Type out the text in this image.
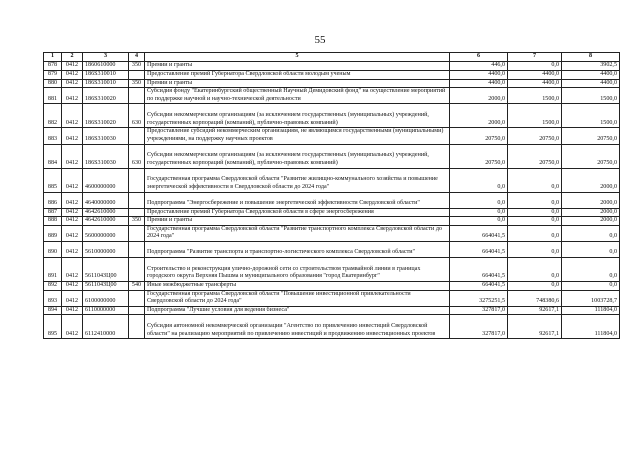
55
1	2	3	4	5	6	7	8
878	0412	1860610000	350	Премии и гранты	446,0	0,0	3902,5
879	0412	186S310010		Предоставление премий Губернатора Свердловской области молодым ученым	4400,0	4400,0	4400,0
880	0412	186S310010	350	Премии и гранты	4400,0	4400,0	4400,0
881	0412	186S310020		Субсидия фонду "Екатеринбургский общественный Научный Демидовский фонд" на осуществление мероприятий по поддержке научной и научно-технической деятельности	2000,0	1500,0	1500,0
882	0412	186S310020	630	Субсидии некоммерческим организациям (за исключением государственных (муниципальных) учреждений, государственных корпораций (компаний), публично-правовых компаний)	2000,0	1500,0	1500,0
883	0412	186S310030		Предоставление субсидий некоммерческим организациям, не являющимся государственными (муниципальными) учреждениями, на поддержку научных проектов	20750,0	20750,0	20750,0
884	0412	186S310030	630	Субсидии некоммерческим организациям (за исключением государственных (муниципальных) учреждений, государственных корпораций (компаний), публично-правовых компаний)	20750,0	20750,0	20750,0
885	0412	4600000000		Государственная программа Свердловской области "Развитие жилищно-коммунального хозяйства и повышение энергетической эффективности в Свердловской области до 2024 года"	0,0	0,0	2000,0
886	0412	4640000000		Подпрограмма "Энергосбережение и повышение энергетической эффективности Свердловской области"	0,0	0,0	2000,0
887	0412	4642610000		Предоставление премий Губернатора Свердловской области в сфере энергосбережения	0,0	0,0	2000,0
888	0412	4642610000	350	Премии и гранты	0,0	0,0	2000,0
889	0412	5600000000		Государственная программа Свердловской области "Развитие транспортного комплекса Свердловской области до 2024 года"	664041,5	0,0	0,0
890	0412	5610000000		Подпрограмма "Развитие транспорта и транспортно-логистического комплекса Свердловской области"	664041,5	0,0	0,0
891	0412	561104ЗЦ00		Строительство и реконструкция улично-дорожной сети со строительством трамвайной линии в границах городского округа Верхняя Пышма и муниципального образования "город Екатеринбург"	664041,5	0,0	0,0
892	0412	561104ЗЦ00	540	Иные межбюджетные трансферты	664041,5	0,0	0,0
893	0412	6100000000		Государственная программа Свердловской области "Повышение инвестиционной привлекательности Свердловской области до 2024 года"	3275251,5	748380,6	1003728,7
894	0412	6110000000		Подпрограмма "Лучшие условия для ведения бизнеса"	327817,0	92617,1	111804,0
895	0412	6112410000		Субсидия автономной некоммерческой организации "Агентство по привлечению инвестиций Свердловской области" на реализацию мероприятий по привлечению инвестиций и продвижению инвестиционных проектов	327817,0	92617,1	111804,0
